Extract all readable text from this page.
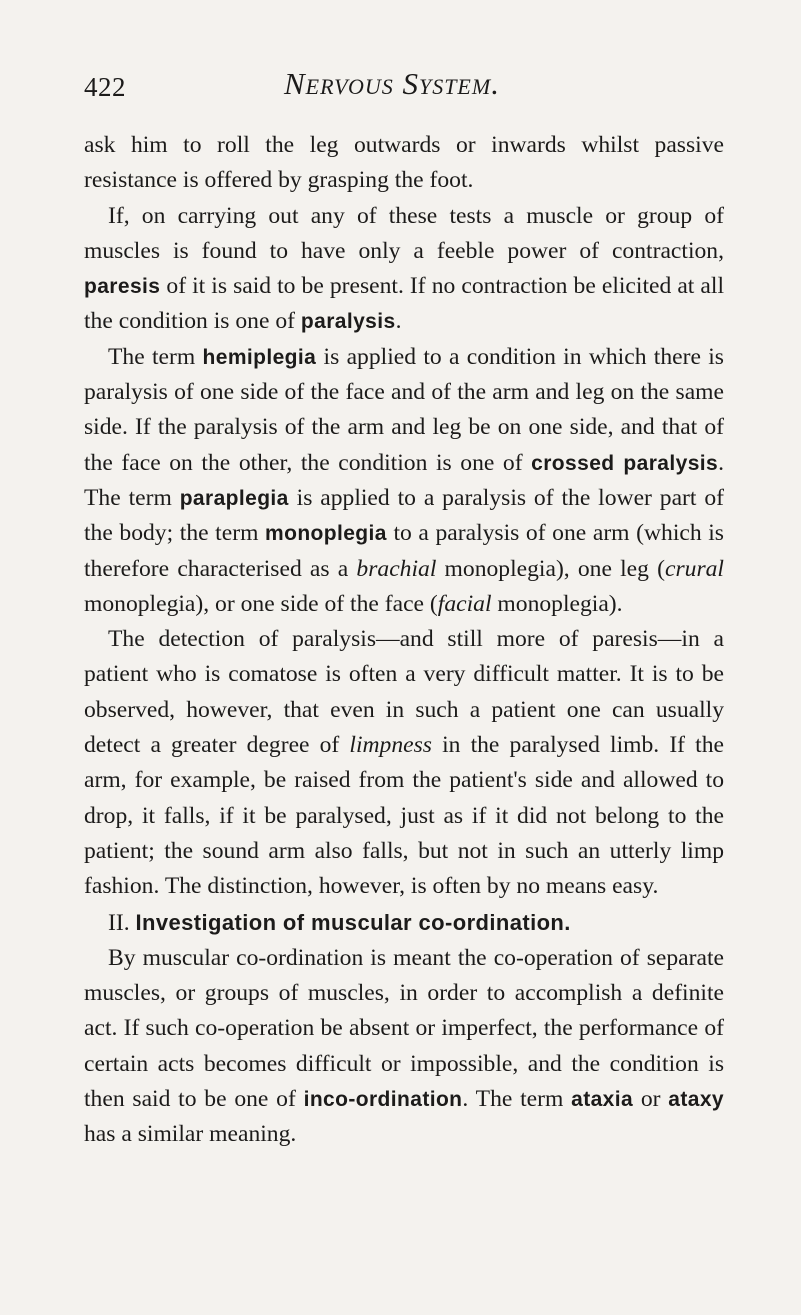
422	Nervous System.

ask him to roll the leg outwards or inwards whilst passive resistance is offered by grasping the foot.

If, on carrying out any of these tests a muscle or group of muscles is found to have only a feeble power of contraction, paresis of it is said to be present. If no contraction be elicited at all the condition is one of paralysis.

The term hemiplegia is applied to a condition in which there is paralysis of one side of the face and of the arm and leg on the same side. If the paralysis of the arm and leg be on one side, and that of the face on the other, the condition is one of crossed paralysis. The term paraplegia is applied to a paralysis of the lower part of the body; the term monoplegia to a paralysis of one arm (which is therefore characterised as a brachial monoplegia), one leg (crural monoplegia), or one side of the face (facial monoplegia).

The detection of paralysis—and still more of paresis—in a patient who is comatose is often a very difficult matter. It is to be observed, however, that even in such a patient one can usually detect a greater degree of limpness in the paralysed limb. If the arm, for example, be raised from the patient's side and allowed to drop, it falls, if it be paralysed, just as if it did not belong to the patient; the sound arm also falls, but not in such an utterly limp fashion. The distinction, however, is often by no means easy.

II. Investigation of muscular co-ordination.

By muscular co-ordination is meant the co-operation of separate muscles, or groups of muscles, in order to accomplish a definite act. If such co-operation be absent or imperfect, the performance of certain acts becomes difficult or impossible, and the condition is then said to be one of inco-ordination. The term ataxia or ataxy has a similar meaning.
